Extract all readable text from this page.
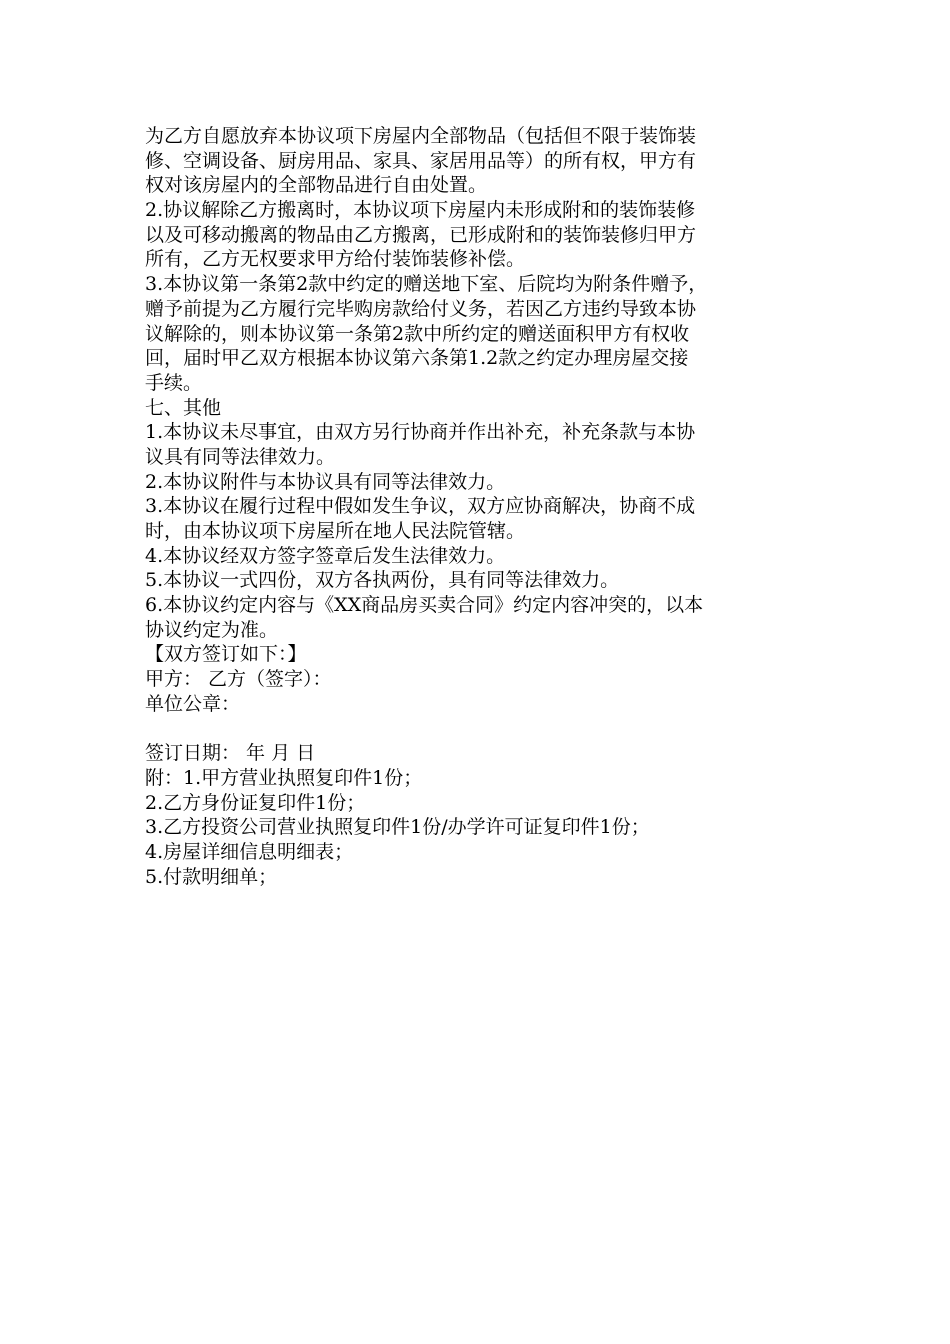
为乙方自愿放弃本协议项下房屋内全部物品（包括但不限于装饰装
修、空调设备、厨房用品、家具、家居用品等）的所有权，甲方有
权对该房屋内的全部物品进行自由处置。
2.协议解除乙方搬离时，本协议项下房屋内未形成附和的装饰装修
以及可移动搬离的物品由乙方搬离，已形成附和的装饰装修归甲方
所有，乙方无权要求甲方给付装饰装修补偿。
3.本协议第一条第2款中约定的赠送地下室、后院均为附条件赠予，
赠予前提为乙方履行完毕购房款给付义务，若因乙方违约导致本协
议解除的，则本协议第一条第2款中所约定的赠送面积甲方有权收
回，届时甲乙双方根据本协议第六条第1.2款之约定办理房屋交接
手续。
七、其他
1.本协议未尽事宜，由双方另行协商并作出补充，补充条款与本协
议具有同等法律效力。
2.本协议附件与本协议具有同等法律效力。
3.本协议在履行过程中假如发生争议，双方应协商解决，协商不成
时，由本协议项下房屋所在地人民法院管辖。
4.本协议经双方签字签章后发生法律效力。
5.本协议一式四份，双方各执两份，具有同等法律效力。
6.本协议约定内容与《XX商品房买卖合同》约定内容冲突的，以本
协议约定为准。
【双方签订如下：】
甲方： 乙方（签字）：
单位公章：
签订日期： 年 月 日
附：1.甲方营业执照复印件1份；
2.乙方身份证复印件1份；
3.乙方投资公司营业执照复印件1份/办学许可证复印件1份；
4.房屋详细信息明细表；
5.付款明细单；
